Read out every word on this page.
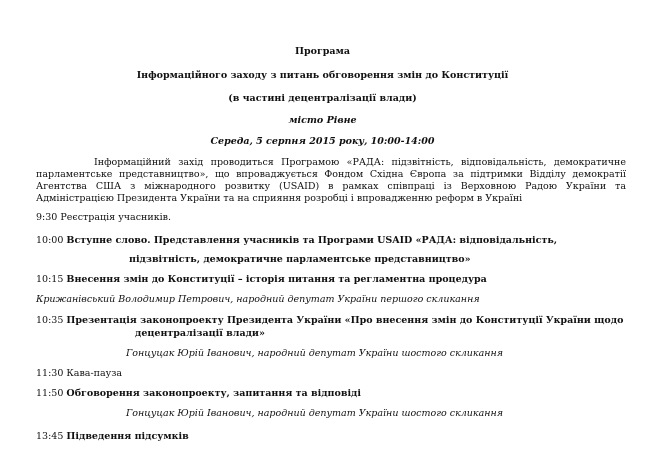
Програма
Інформаційного заходу з питань обговорення змін до Конституції
(в частині децентралізації влади)
місто Рівне
Середа, 5 серпня 2015 року, 10:00-14:00

Інформаційний захід проводиться Програмою «РАДА: підзвітність, відповідальність, демократичне парламентське представництво», що впроваджується Фондом Східна Європа за підтримки Відділу демократії Агентства США з міжнародного розвитку (USAID) в рамках співпраці із Верховною Радою України та Адміністрацією Президента України та на сприяння розробці і впровадженню реформ в Україні

9:30 Реєстрація учасників.
10:00 Вступне слово. Представлення учасників та Програми USAID «РАДА: відповідальність,
підзвітність, демократичне парламентське представництво»
10:15 Внесення змін до Конституції – історія питання та регламентна процедура
Крижанівський Володимир Петрович, народний депутат України першого скликання
10:35 Презентація законопроекту Президента України «Про внесення змін до Конституції України щодо
децентралізації влади»
Гонцуцак Юрій Іванович, народний депутат України шостого скликання
11:30 Кава-пауза
11:50 Обговорення законопроекту, запитання та відповіді
Гонцуцак Юрій Іванович, народний депутат України шостого скликання
13:45 Підведення підсумків
